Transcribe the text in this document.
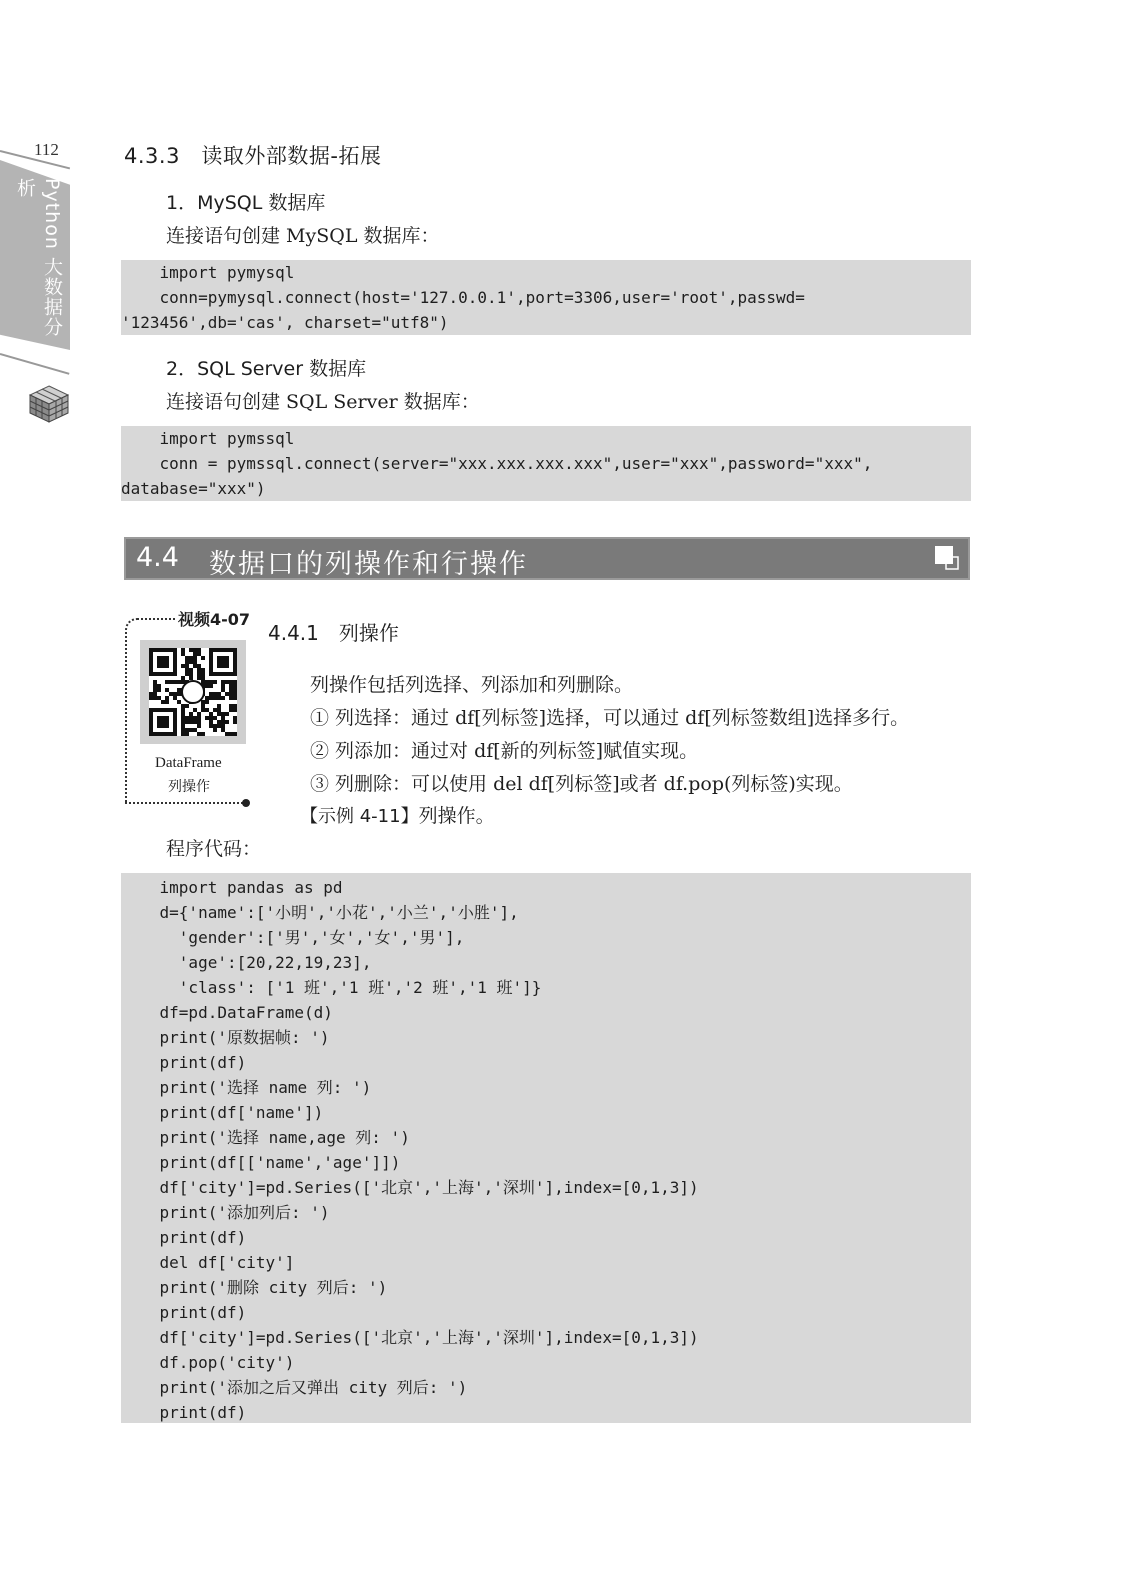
112
Python 大数据分析
4.3.3　读取外部数据-拓展
1．MySQL 数据库
连接语句创建 MySQL 数据库：
import pymysql
conn=pymysql.connect(host='127.0.0.1',port=3306,user='root',passwd=
'123456',db='cas', charset="utf8")
2．SQL Server 数据库
连接语句创建 SQL Server 数据库：
import pymssql
conn = pymssql.connect(server="xxx.xxx.xxx.xxx",user="xxx",password="xxx",
database="xxx")
4.4 数据口的列操作和行操作
视频4-07
DataFrame
列操作
4.4.1　列操作
列操作包括列选择、列添加和列删除。
① 列选择：通过 df[列标签]选择，可以通过 df[列标签数组]选择多行。
② 列添加：通过对 df[新的列标签]赋值实现。
③ 列删除：可以使用 del df[列标签]或者 df.pop(列标签)实现。
【示例 4-11】列操作。
程序代码：
import pandas as pd
d={'name':['小明','小花','小兰','小胜'],
'gender':['男','女','女','男'],
'age':[20,22,19,23],
'class': ['1 班','1 班','2 班','1 班']}
df=pd.DataFrame(d)
print('原数据帧: ')
print(df)
print('选择 name 列: ')
print(df['name'])
print('选择 name,age 列: ')
print(df[['name','age']])
df['city']=pd.Series(['北京','上海','深圳'],index=[0,1,3])
print('添加列后: ')
print(df)
del df['city']
print('删除 city 列后: ')
print(df)
df['city']=pd.Series(['北京','上海','深圳'],index=[0,1,3])
df.pop('city')
print('添加之后又弹出 city 列后: ')
print(df)
